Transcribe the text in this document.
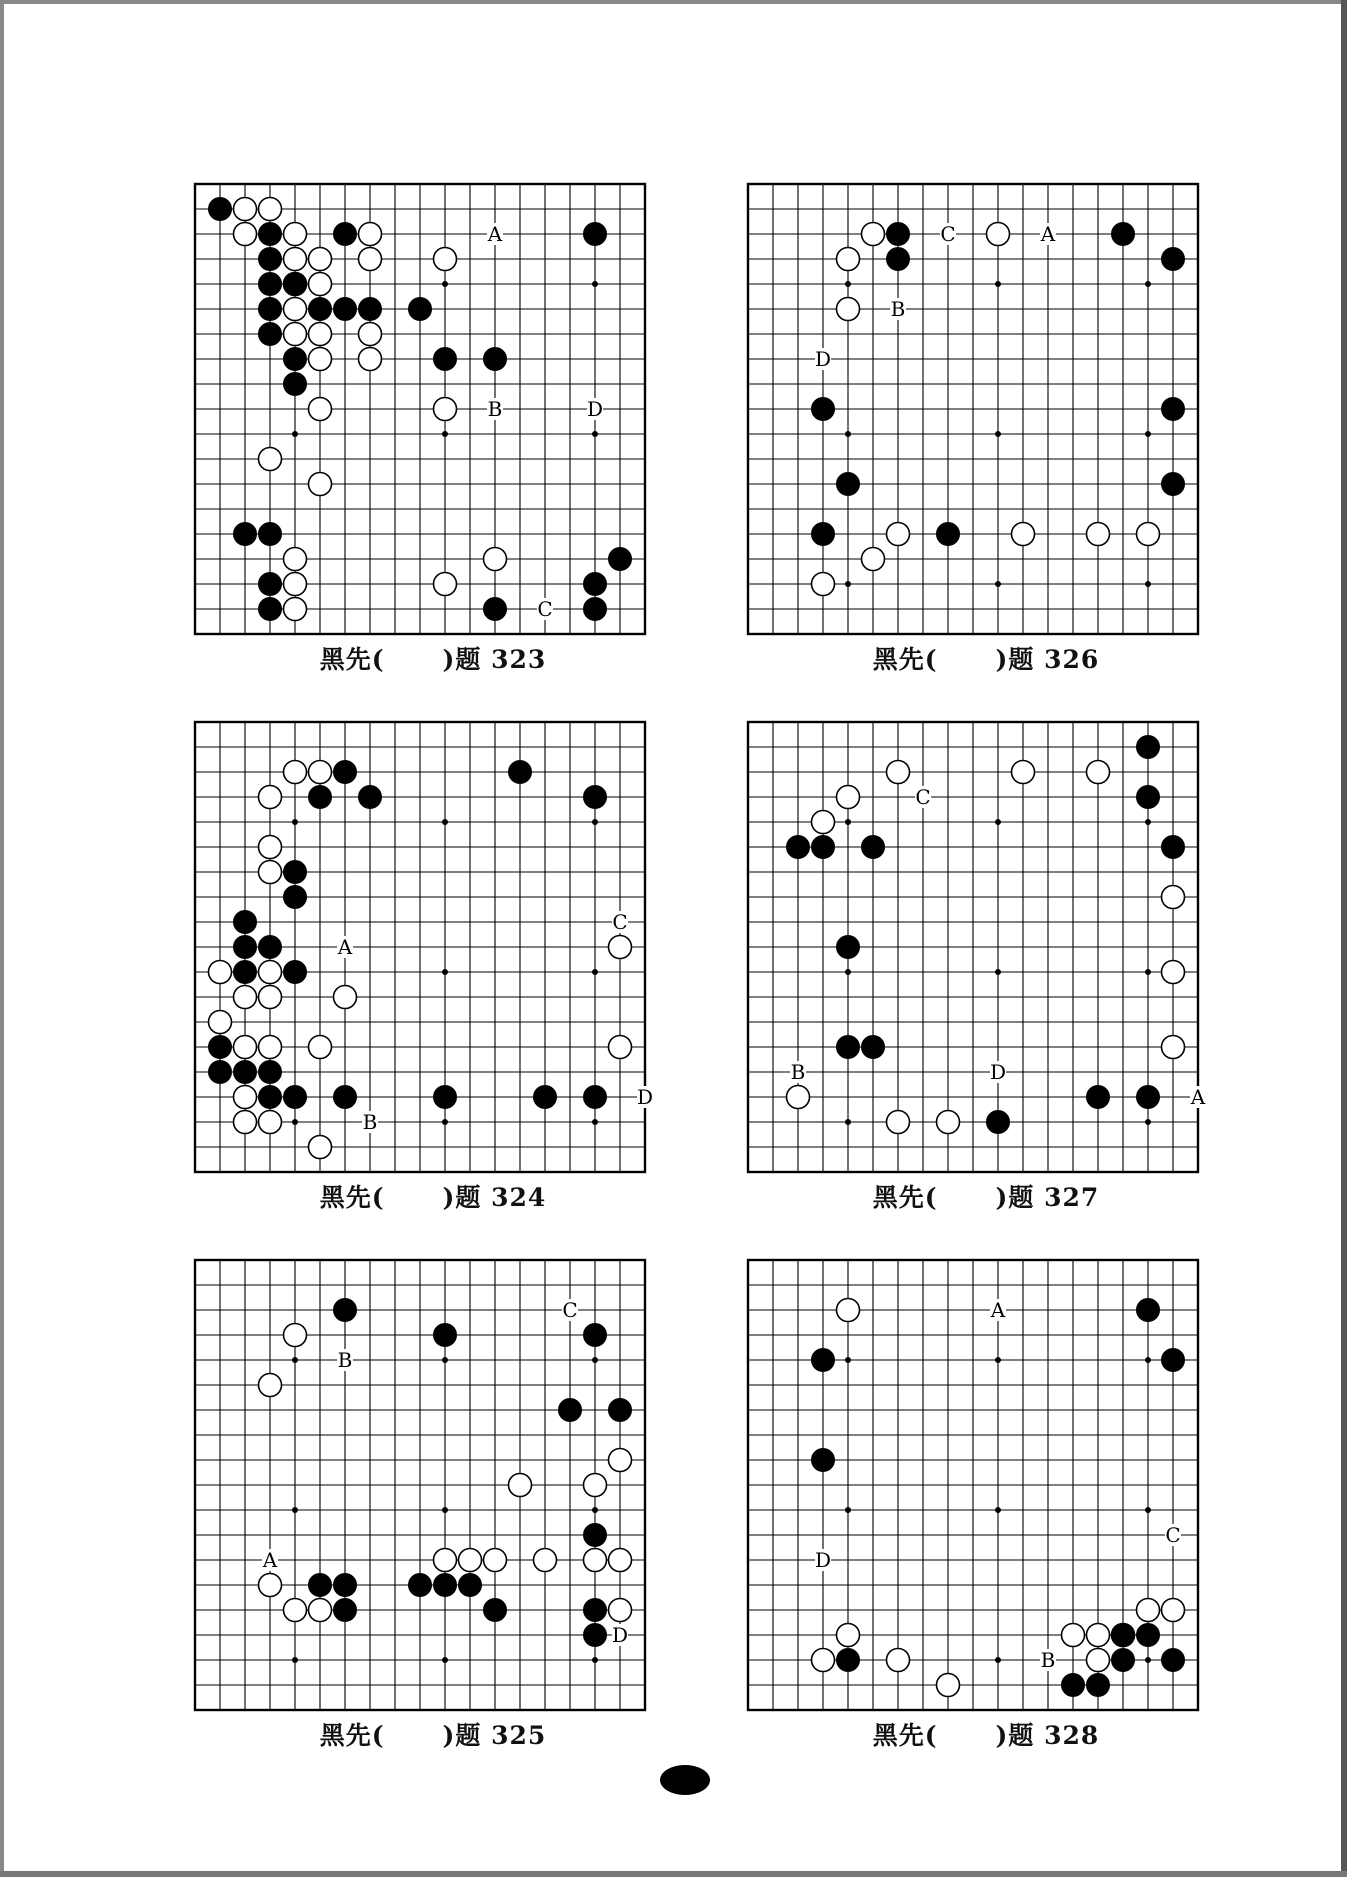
A
B	D
C
黑先( )题 323
C
A
D
B
黑先( )题 324
C
B
A
D
黑先( )题 325
C	A
B
D
黑先( )题 326
C
B	D
A
黑先( )题 327
A
C
D
B
黑先( )题 328
